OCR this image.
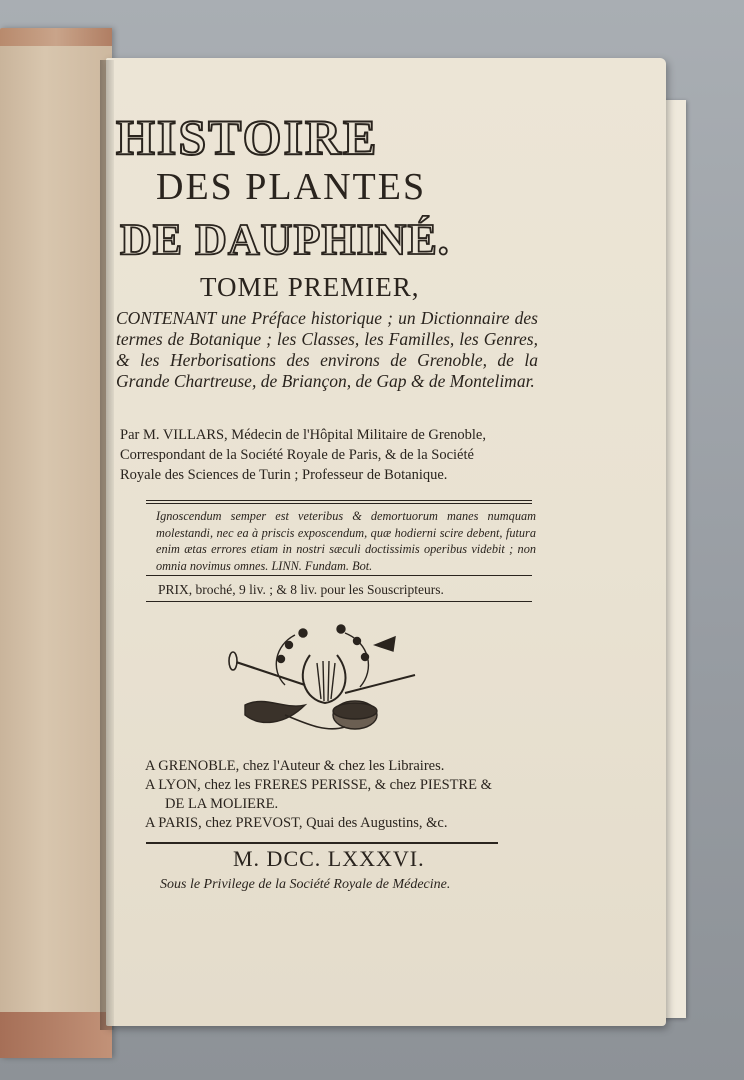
HISTOIRE
DES PLANTES
DE DAUPHINÉ.
TOME PREMIER,
CONTENANT une Préface historique ; un Dictionnaire des termes de Botanique ; les Classes, les Familles, les Genres, & les Herborisations des environs de Grenoble, de la Grande Chartreuse, de Briançon, de Gap & de Montelimar.
Par M. VILLARS, Médecin de l'Hôpital Militaire de Grenoble,
Correspondant de la Société Royale de Paris, & de la Société
Royale des Sciences de Turin ; Professeur de Botanique.
Ignoscendum semper est veteribus & demortuorum manes numquam molestandi, nec ea à priscis exposcendum, quæ hodierni scire debent, futura enim ætas errores etiam in nostri sæculi doctissimis operibus videbit ; non omnia novimus omnes. LINN. Fundam. Bot.
PRIX, broché, 9 liv. ; & 8 liv. pour les Souscripteurs.
A GRENOBLE, chez l'Auteur & chez les Libraires.
A LYON, chez les FRERES PERISSE, & chez PIESTRE &
DE LA MOLIERE.
A PARIS, chez PREVOST, Quai des Augustins, &c.
M. DCC. LXXXVI.
Sous le Privilege de la Société Royale de Médecine.
